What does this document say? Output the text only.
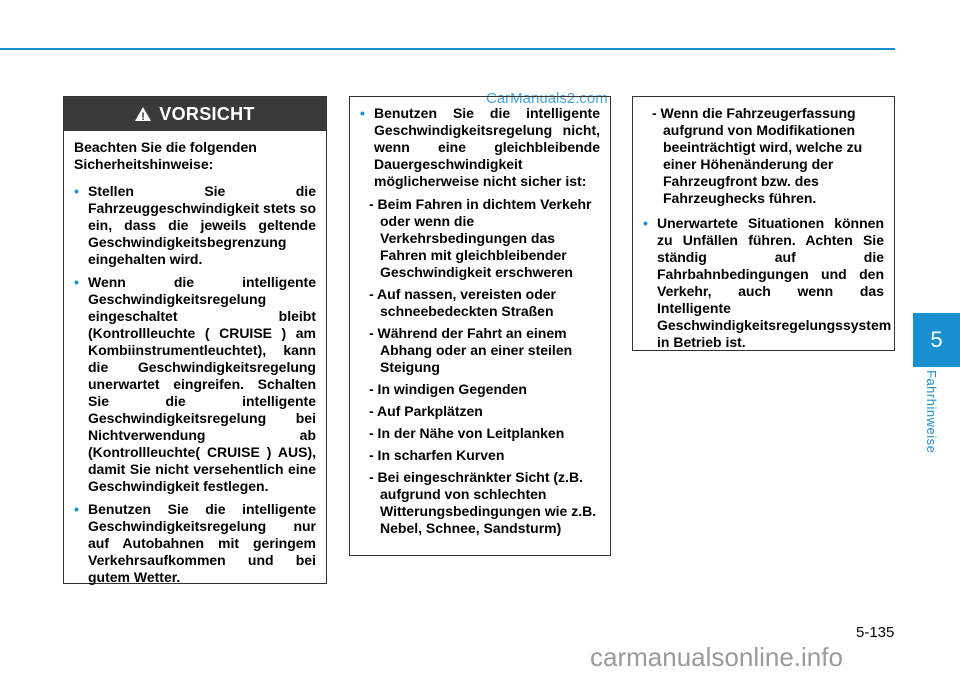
CarManuals2.com
!
VORSICHT
Beachten Sie die folgenden Sicherheitshinweise:
• Stellen Sie die Fahrzeuggeschwindigkeit stets so ein, dass die jeweils geltende Geschwindigkeitsbegrenzung eingehalten wird.
• Wenn die intelligente Geschwindigkeitsregelung eingeschaltet bleibt (Kontrollleuchte ( CRUISE ) am Kombiinstrumentleuchtet), kann die Geschwindigkeitsregelung unerwartet eingreifen. Schalten Sie die intelligente Geschwindigkeitsregelung bei Nichtverwendung ab (Kontrollleuchte( CRUISE ) AUS), damit Sie nicht versehentlich eine Geschwindigkeit festlegen.
• Benutzen Sie die intelligente Geschwindigkeitsregelung nur auf Autobahnen mit geringem Verkehrsaufkommen und bei gutem Wetter.
• Benutzen Sie die intelligente Geschwindigkeitsregelung nicht, wenn eine gleichbleibende Dauergeschwindigkeit möglicherweise nicht sicher ist:
- Beim Fahren in dichtem Verkehr oder wenn die Verkehrsbedingungen das Fahren mit gleichbleibender Geschwindigkeit erschweren
- Auf nassen, vereisten oder schneebedeckten Straßen
- Während der Fahrt an einem Abhang oder an einer steilen Steigung
- In windigen Gegenden
- Auf Parkplätzen
- In der Nähe von Leitplanken
- In scharfen Kurven
- Bei eingeschränkter Sicht (z.B. aufgrund von schlechten Witterungsbedingungen wie z.B. Nebel, Schnee, Sandsturm)
- Wenn die Fahrzeugerfassung aufgrund von Modifikationen beeinträchtigt wird, welche zu einer Höhenänderung der Fahrzeugfront bzw. des Fahrzeughecks führen.
• Unerwartete Situationen können zu Unfällen führen. Achten Sie ständig auf die Fahrbahnbedingungen und den Verkehr, auch wenn das Intelligente Geschwindigkeitsregelungssystem in Betrieb ist.	5
Fahrhinweise
5-135
carmanualsonline.info
